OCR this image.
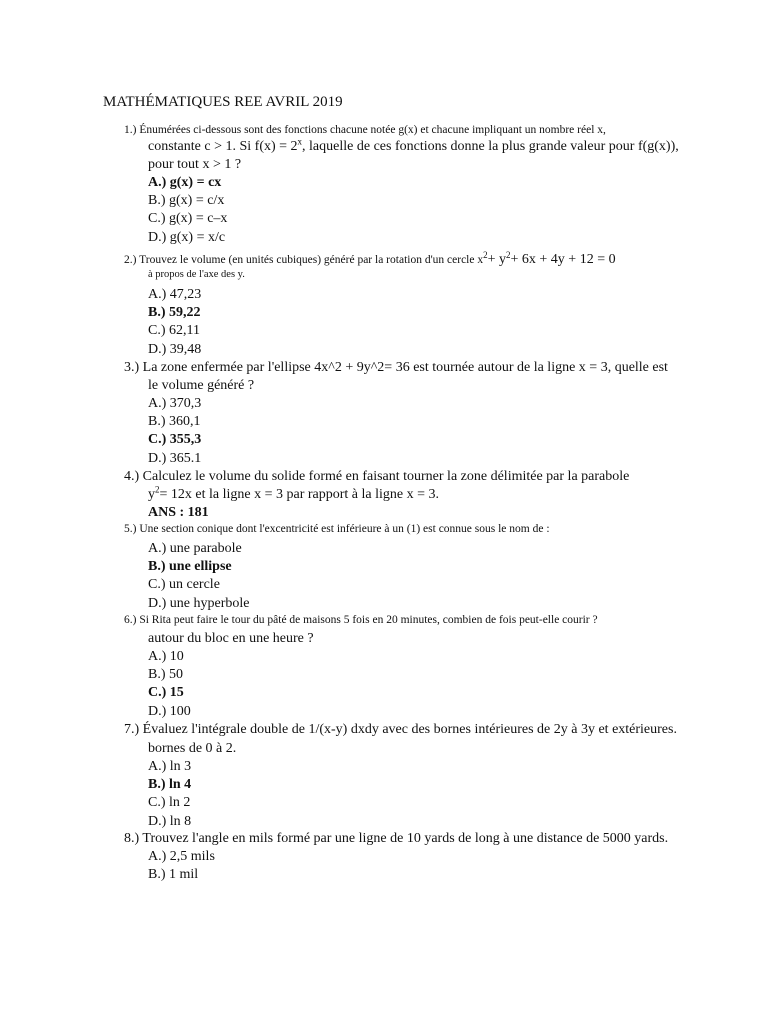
MATHÉMATIQUES REE AVRIL 2019
1.) Énumérées ci-dessous sont des fonctions chacune notée g(x) et chacune impliquant un nombre réel x,
constante c > 1. Si $f(x) = 2^x$, laquelle de ces fonctions donne la plus grande valeur pour f(g(x)),
pour tout x > 1 ?
A.) g(x) = cx
B.) g(x) = c/x
C.) g(x) = c–x
D.) g(x) = x/c
2.) Trouvez le volume (en unités cubiques) généré par la rotation d'un cercle $x^2+ y^2+ 6x + 4y + 12 = 0$
à propos de l'axe des y.
A.) 47,23
B.) 59,22
C.) 62,11
D.) 39,48
3.) La zone enfermée par l'ellipse 4x^2 + 9y^2= 36 est tournée autour de la ligne x = 3, quelle est
le volume généré ?
A.) 370,3
B.) 360,1
C.) 355,3
D.) 365.1
4.) Calculez le volume du solide formé en faisant tourner la zone délimitée par la parabole
$y^2= 12x$ et la ligne x = 3 par rapport à la ligne x = 3.
ANS : 181
5.) Une section conique dont l'excentricité est inférieure à un (1) est connue sous le nom de :
A.) une parabole
B.) une ellipse
C.) un cercle
D.) une hyperbole
6.) Si Rita peut faire le tour du pâté de maisons 5 fois en 20 minutes, combien de fois peut-elle courir ?
autour du bloc en une heure ?
A.) 10
B.) 50
C.) 15
D.) 100
7.) Évaluez l'intégrale double de 1/(x-y) dxdy avec des bornes intérieures de 2y à 3y et extérieures.
bornes de 0 à 2.
A.) ln 3
B.) ln 4
C.) ln 2
D.) ln 8
8.) Trouvez l'angle en mils formé par une ligne de 10 yards de long à une distance de 5000 yards.
A.) 2,5 mils
B.) 1 mil
